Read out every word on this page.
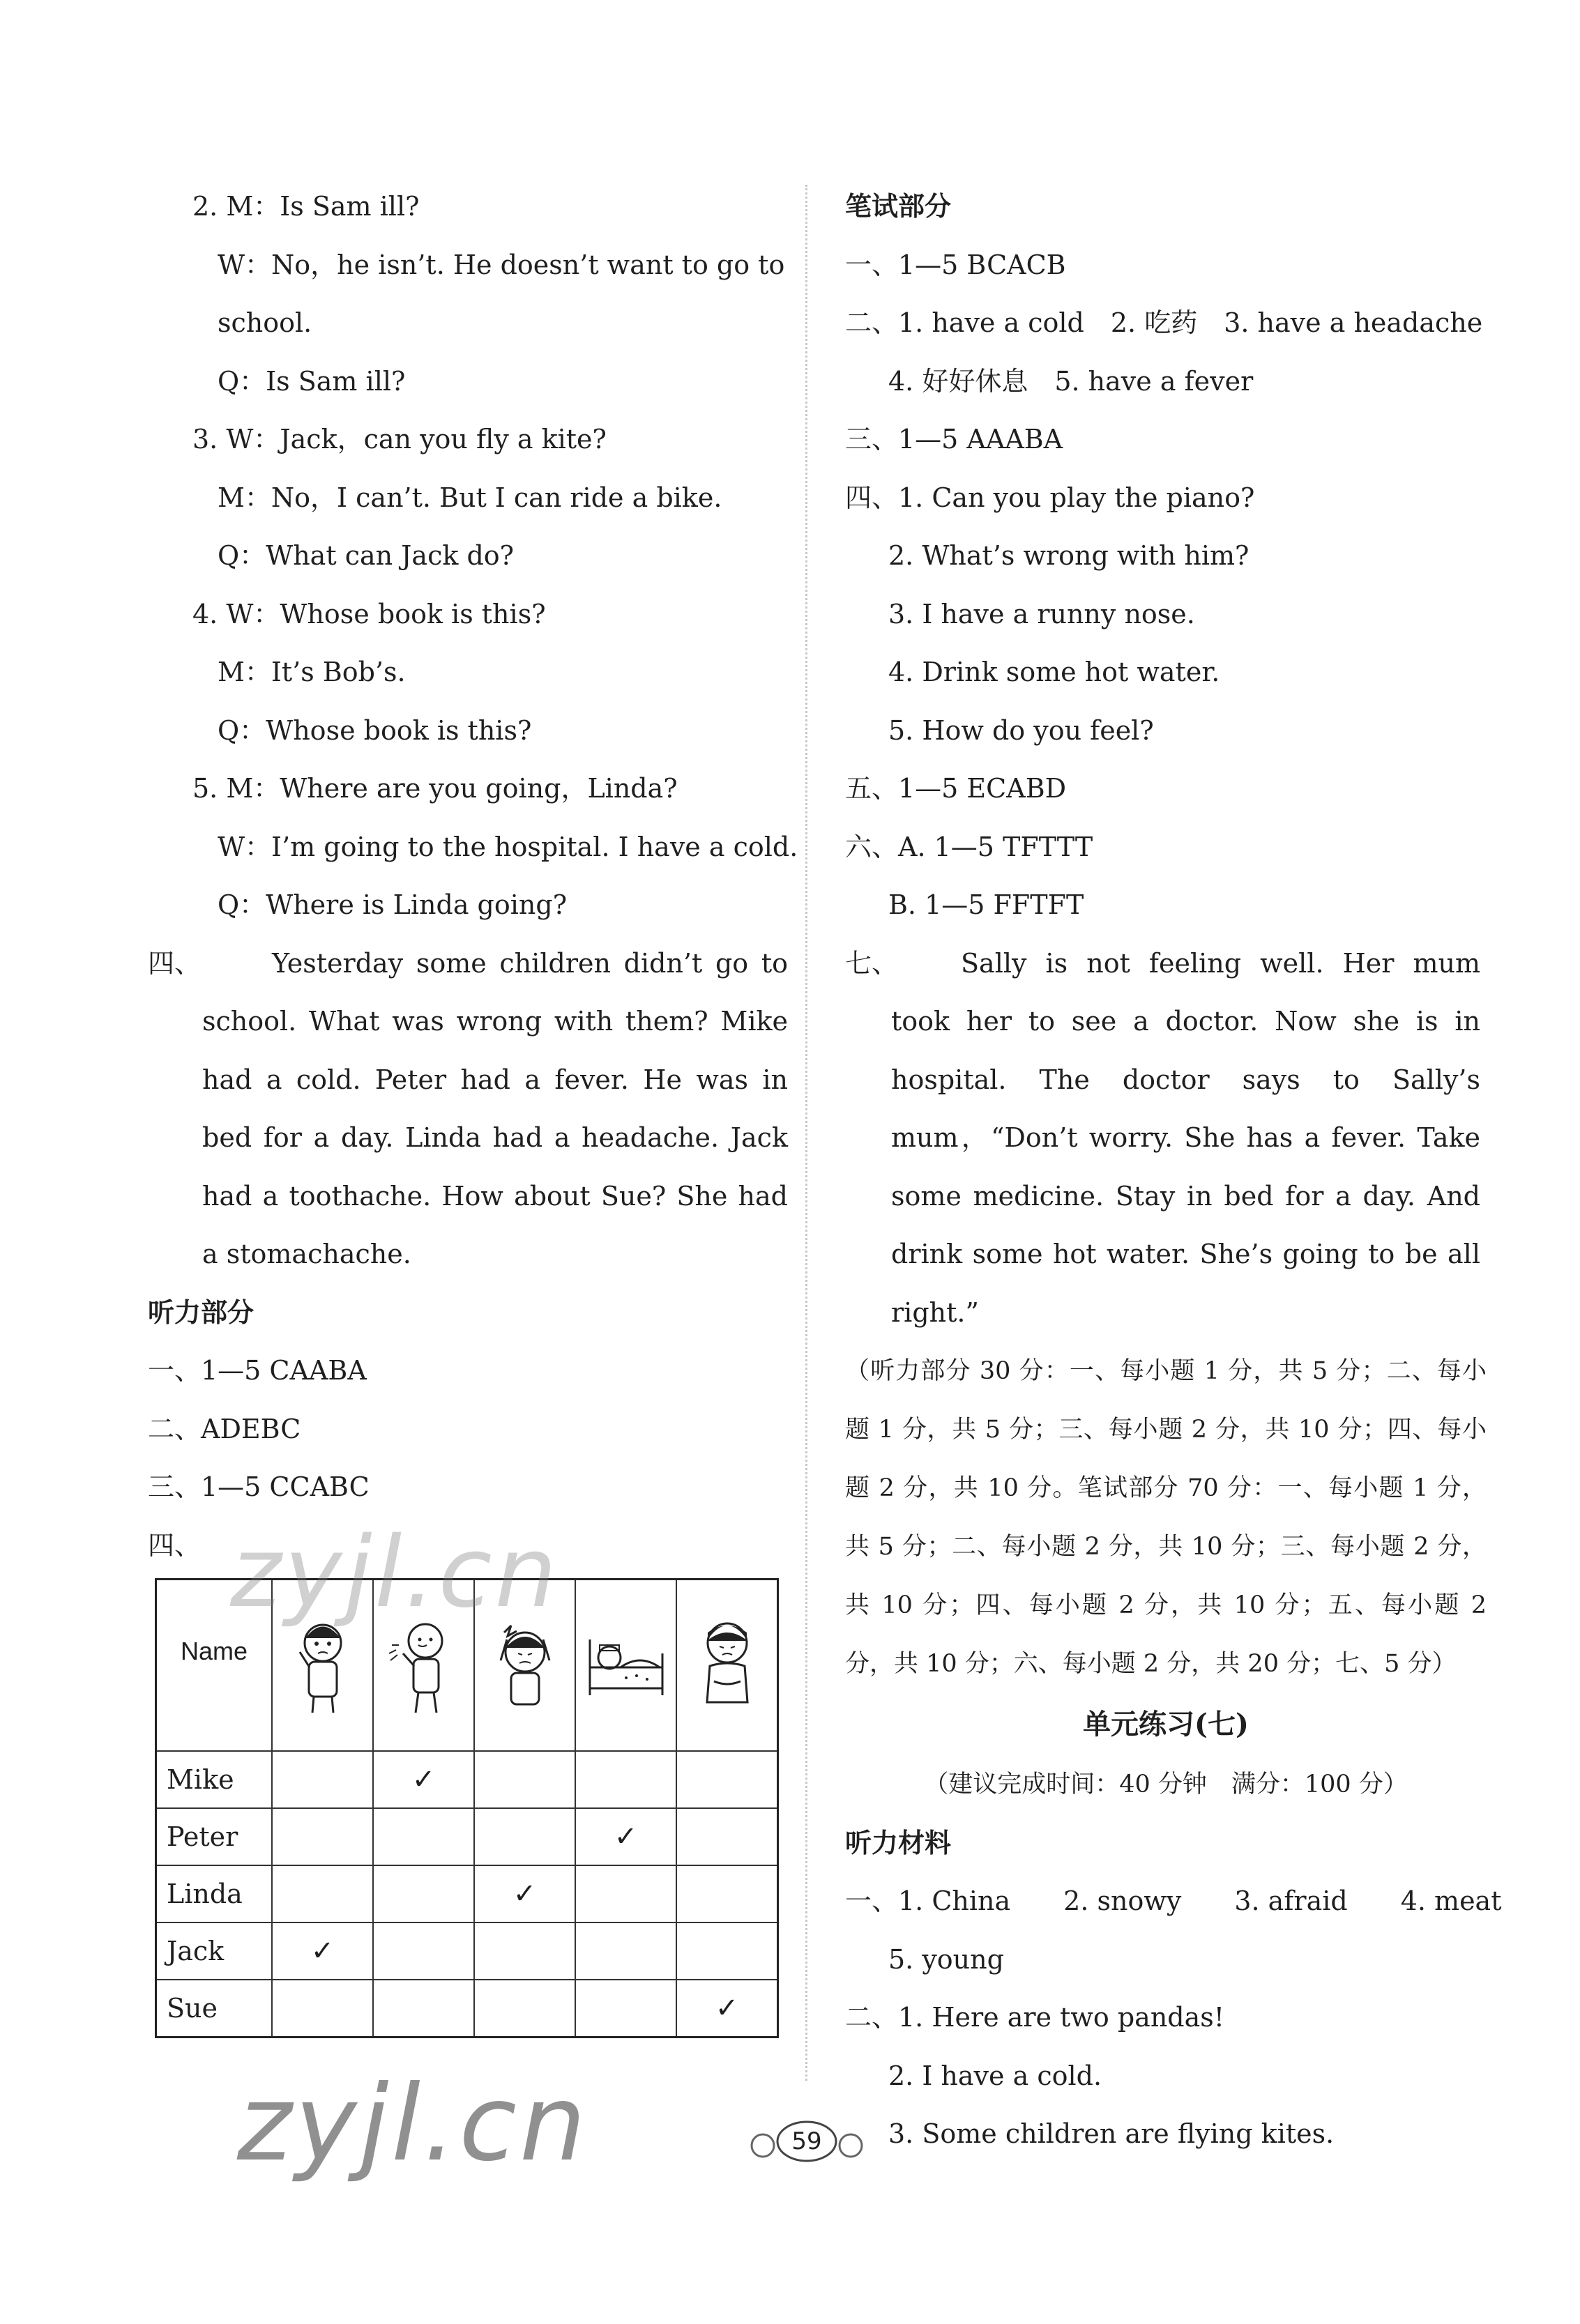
2. M：Is Sam ill?
W：No，he isn’t. He doesn’t want to go to
school.
Q：Is Sam ill?
3. W：Jack，can you fly a kite?
M：No，I can’t. But I can ride a bike.
Q：What can Jack do?
4. W：Whose book is this?
M：It’s Bob’s.
Q：Whose book is this?
5. M：Where are you going，Linda?
W：I’m going to the hospital. I have a cold.
Q：Where is Linda going?
四、	Yesterday some children didn’t go to school. What was wrong with them? Mike had a cold. Peter had a fever. He was in bed for a day. Linda had a headache. Jack had a toothache. How about Sue? She had a stomachache.
听力部分
一、1—5 CAABA
二、ADEBC
三、1—5 CCABC
四、
Name					
Mike		✓			
Peter				✓	
Linda			✓		
Jack	✓				
Sue					✓
笔试部分
一、1—5 BCACB
二、1. have a cold　2. 吃药　3. have a headache
4. 好好休息　5. have a fever
三、1—5 AAABA
四、1. Can you play the piano?
2. What’s wrong with him?
3. I have a runny nose.
4. Drink some hot water.
5. How do you feel?
五、1—5 ECABD
六、A. 1—5 TFTTT
B. 1—5 FFTFT
七、	Sally is not feeling well. Her mum took her to see a doctor. Now she is in hospital. The doctor says to Sally’s mum，“Don’t worry. She has a fever. Take some medicine. Stay in bed for a day. And drink some hot water. She’s going to be all right.”
（听力部分 30 分：一、每小题 1 分，共 5 分；二、每小题 1 分，共 5 分；三、每小题 2 分，共 10 分；四、每小题 2 分，共 10 分。笔试部分 70 分：一、每小题 1 分，共 5 分；二、每小题 2 分，共 10 分；三、每小题 2 分，共 10 分；四、每小题 2 分，共 10 分；五、每小题 2 分，共 10 分；六、每小题 2 分，共 20 分；七、5 分）
单元练习(七)
（建议完成时间：40 分钟　满分：100 分）
听力材料
一、1. China　　2. snowy　　3. afraid　　4. meat
5. young
二、1. Here are two pandas!
2. I have a cold.
3. Some children are flying kites.
zyjl.cn
zyjl.cn	59
